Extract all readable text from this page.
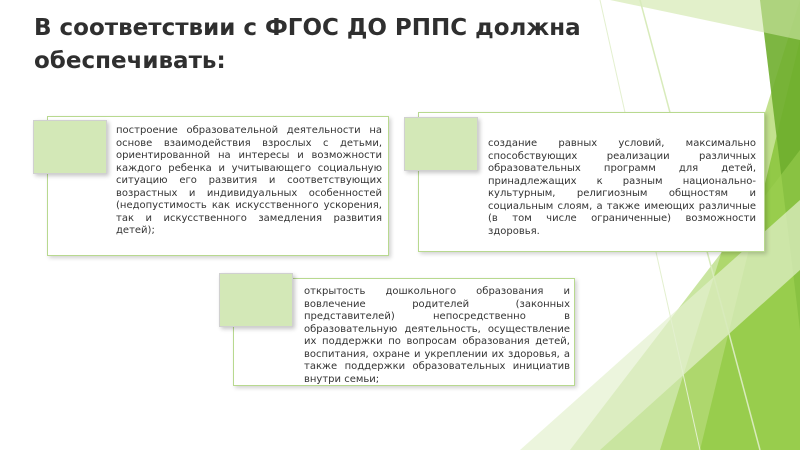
В соответствии с ФГОС ДО РППС должна обеспечивать:

построение образовательной деятельности на основе взаимодействия взрослых с детьми, ориентированной на интересы и возможности каждого ребенка и учитывающего социальную ситуацию его развития и соответствующих возрастных и индивидуальных особенностей (недопустимость как искусственного ускорения, так и искусственного замедления развития детей);

создание равных условий, максимально способствующих реализации различных образовательных программ для детей, принадлежащих к разным национально-культурным, религиозным общностям и социальным слоям, а также имеющих различные (в том числе ограниченные) возможности здоровья.

открытость дошкольного образования и вовлечение родителей (законных представителей) непосредственно в образовательную деятельность, осуществление их поддержки по вопросам образования детей, воспитания, охране и укреплении их здоровья, а также поддержки образовательных инициатив внутри семьи;
